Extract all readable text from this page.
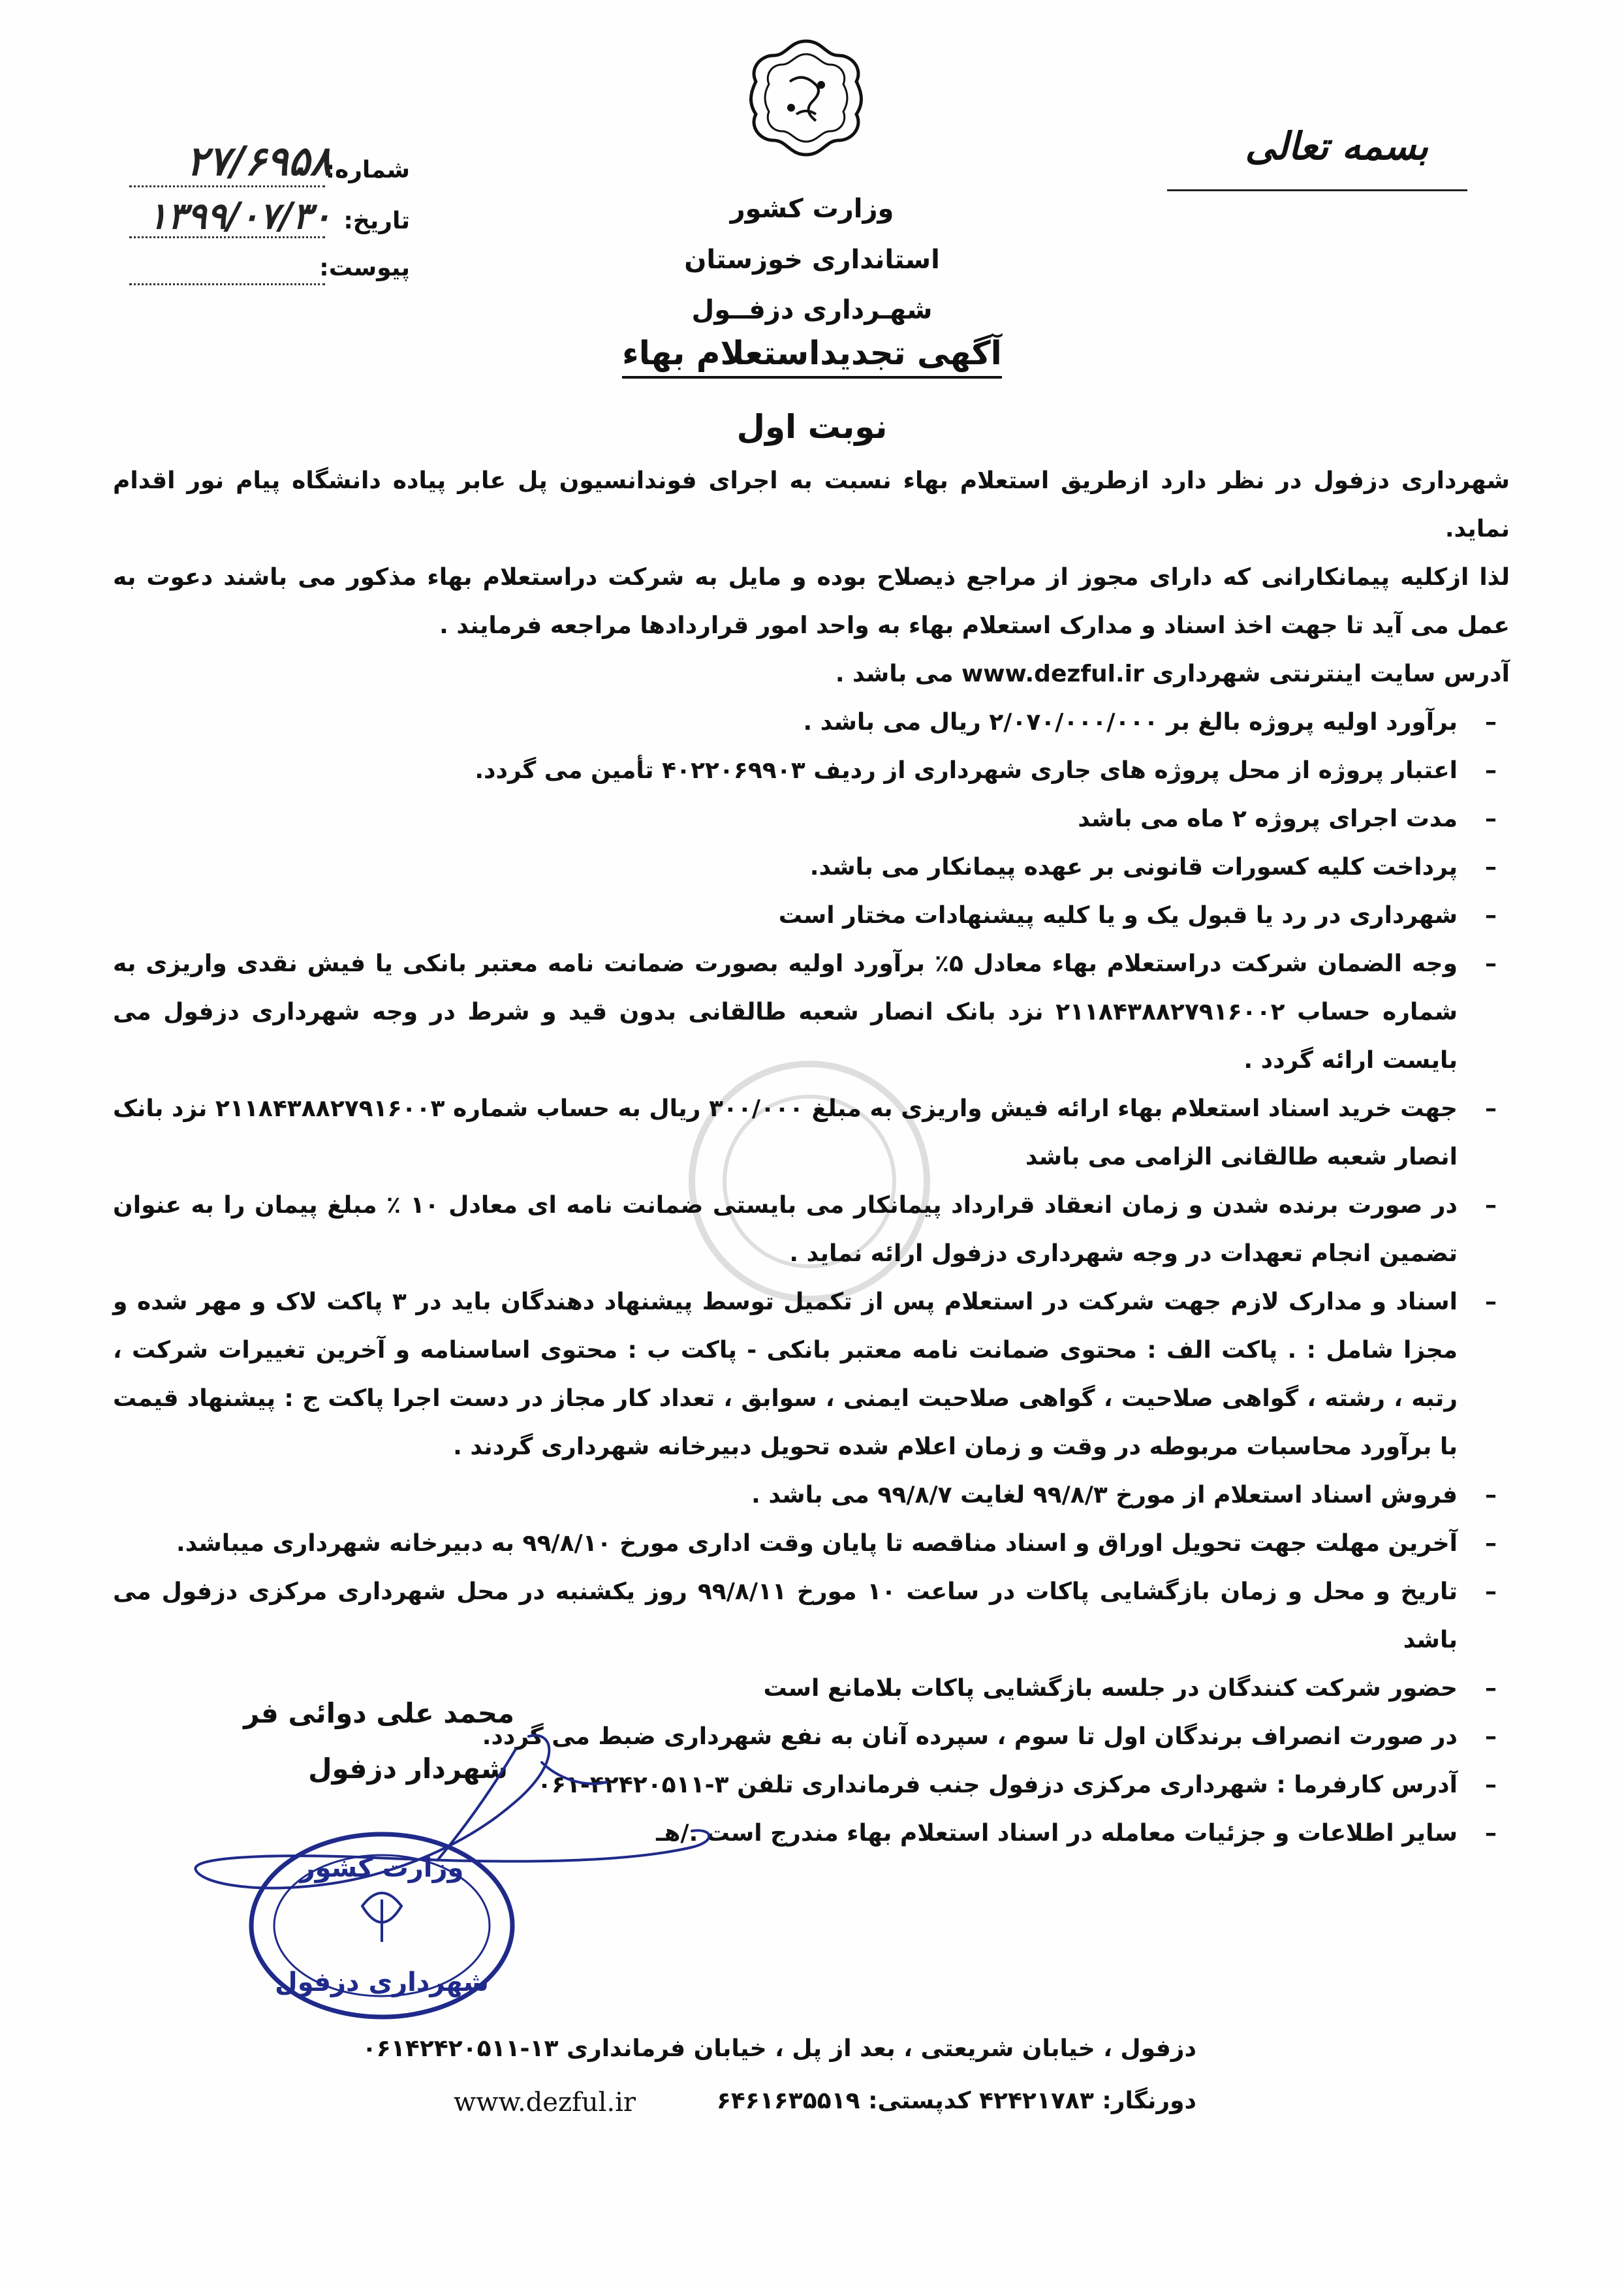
بسمه تعالی
شماره:
۲۷/۶۹۵۸
تاریخ:
۱۳۹۹/۰۷/۳۰
پیوست:
وزارت کشور
استانداری خوزستان
شهـرداری دزفــول
آگهی تجدیداستعلام بهاء
نوبت اول

شهرداری دزفول در نظر دارد ازطریق استعلام بهاء نسبت به اجرای فوندانسیون پل عابر پیاده دانشگاه پیام نور اقدام نماید.

لذا ازکلیه پیمانکارانی که دارای مجوز از مراجع ذیصلاح بوده و مایل به شرکت دراستعلام بهاء مذکور می باشند دعوت به عمل می آید تا جهت اخذ اسناد و مدارک استعلام بهاء به واحد امور قراردادها مراجعه فرمایند .

آدرس سایت اینترنتی شهرداری www.dezful.ir می باشد .

–
برآورد اولیه پروژه بالغ بر ۲/۰۷۰/۰۰۰/۰۰۰ ریال می باشد .
–
اعتبار پروژه از محل پروژه های جاری شهرداری از ردیف ۴۰۲۲۰۶۹۹۰۳ تأمین می گردد.
–
مدت اجرای پروژه ۲ ماه می باشد
–
پرداخت کلیه کسورات قانونی بر عهده پیمانکار می باشد.
–
شهرداری در رد یا قبول یک و یا کلیه پیشنهادات مختار است
–
وجه الضمان شرکت دراستعلام بهاء معادل ۵٪ برآورد اولیه بصورت ضمانت نامه معتبر بانکی یا فیش نقدی واریزی به شماره حساب ۲۱۱۸۴۳۸۸۲۷۹۱۶۰۰۲ نزد بانک انصار شعبه طالقانی بدون قید و شرط در وجه شهرداری دزفول می بایست ارائه گردد .
–
جهت خرید اسناد استعلام بهاء ارائه فیش واریزی به مبلغ ۳۰۰/۰۰۰ ریال به حساب شماره ۲۱۱۸۴۳۸۸۲۷۹۱۶۰۰۳ نزد بانک انصار شعبه طالقانی الزامی می باشد
–
در صورت برنده شدن و زمان انعقاد قرارداد پیمانکار می بایستی ضمانت نامه ای معادل ۱۰ ٪ مبلغ پیمان را به عنوان تضمین انجام تعهدات در وجه شهرداری دزفول ارائه نماید .
–
اسناد و مدارک لازم جهت شرکت در استعلام پس از تکمیل توسط پیشنهاد دهندگان باید در ۳ پاکت لاک و مهر شده و مجزا شامل : . پاکت الف : محتوی ضمانت نامه معتبر بانکی - پاکت ب : محتوی اساسنامه و آخرین تغییرات شرکت ، رتبه ، رشته ، گواهی صلاحیت ، گواهی صلاحیت ایمنی ، سوابق ، تعداد کار مجاز در دست اجرا پاکت ج : پیشنهاد قیمت با برآورد محاسبات مربوطه در وقت و زمان اعلام شده تحویل دبیرخانه شهرداری گردند .
–
فروش اسناد استعلام از مورخ ۹۹/۸/۳ لغایت ۹۹/۸/۷ می باشد .
–
آخرین مهلت جهت تحویل اوراق و اسناد مناقصه تا پایان وقت اداری مورخ ۹۹/۸/۱۰ به دبیرخانه شهرداری میباشد.
–
تاریخ و محل و زمان بازگشایی پاکات در ساعت ۱۰ مورخ ۹۹/۸/۱۱ روز یکشنبه در محل شهرداری مرکزی دزفول می باشد
–
حضور شرکت کنندگان در جلسه بازگشایی پاکات بلامانع است
–
در صورت انصراف برندگان اول تا سوم ، سپرده آنان به نفع شهرداری ضبط می گردد.
–
آدرس کارفرما : شهرداری مرکزی دزفول جنب فرمانداری تلفن ۳-۴۲۴۲۰۵۱۱-۰۶۱
–
سایر اطلاعات و جزئیات معامله در اسناد استعلام بهاء مندرج است ./هـ
محمد علی دوائی فر
شهردار دزفول
وزارت کشور
شهرداری دزفول
دزفول ، خیابان شریعتی ، بعد از پل ، خیابان فرمانداری ۱۳-۰۶۱۴۲۴۲۰۵۱۱
دورنگار: ۴۲۴۲۱۷۸۳ کدپستی: ۶۴۶۱۶۳۵۵۱۹
www.dezful.ir
